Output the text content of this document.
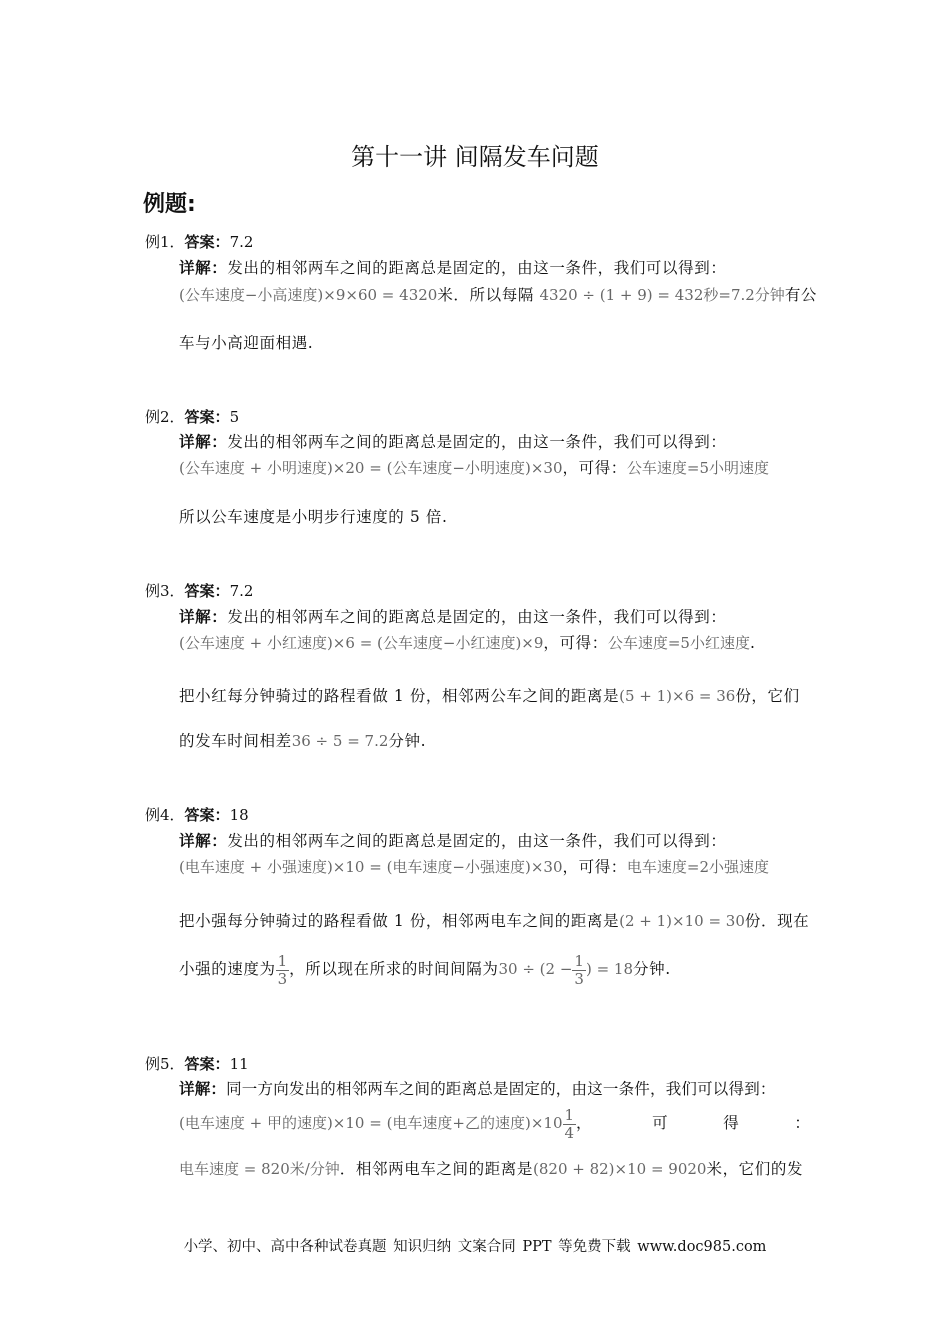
第十一讲 间隔发车问题
例题:
例1．答案：7.2
详解：发出的相邻两车之间的距离总是固定的，由这一条件，我们可以得到：
(公车速度−小高速度)×9×60 = 4320米．所以每隔 4320 ÷ (1 + 9) = 432秒=7.2分钟有公
车与小高迎面相遇.
例2．答案：5
详解：发出的相邻两车之间的距离总是固定的，由这一条件，我们可以得到：
(公车速度 + 小明速度)×20 = (公车速度−小明速度)×30，可得：公车速度=5小明速度
所以公车速度是小明步行速度的 5 倍.
例3．答案：7.2
详解：发出的相邻两车之间的距离总是固定的，由这一条件，我们可以得到：
(公车速度 + 小红速度)×6 = (公车速度−小红速度)×9，可得：公车速度=5小红速度.
把小红每分钟骑过的路程看做 1 份，相邻两公车之间的距离是(5 + 1)×6 = 36份，它们
的发车时间相差36 ÷ 5 = 7.2分钟.
例4．答案：18
详解：发出的相邻两车之间的距离总是固定的，由这一条件，我们可以得到：
(电车速度 + 小强速度)×10 = (电车速度−小强速度)×30，可得：电车速度=2小强速度
把小强每分钟骑过的路程看做 1 份，相邻两电车之间的距离是(2 + 1)×10 = 30份．现在
小强的速度为 $\frac{1}{3}$ ，所以现在所求的时间间隔为$30 \div (2 - \frac{1}{3}$ ) = 18分钟.
例5．答案：11
详解：同一方向发出的相邻两车之间的距离总是固定的，由这一条件，我们可以得到：
(电车速度 + 甲的速度)×10 = (电车速度+乙的速度)$\times 10 \frac{1}{4}$ ，	可	得	：
电车速度 = 820米/分钟．相邻两电车之间的距离是(820 + 82)×10 = 9020米，它们的发
小学、初中、高中各种试卷真题 知识归纳 文案合同 PPT 等免费下载 www.doc985.com
